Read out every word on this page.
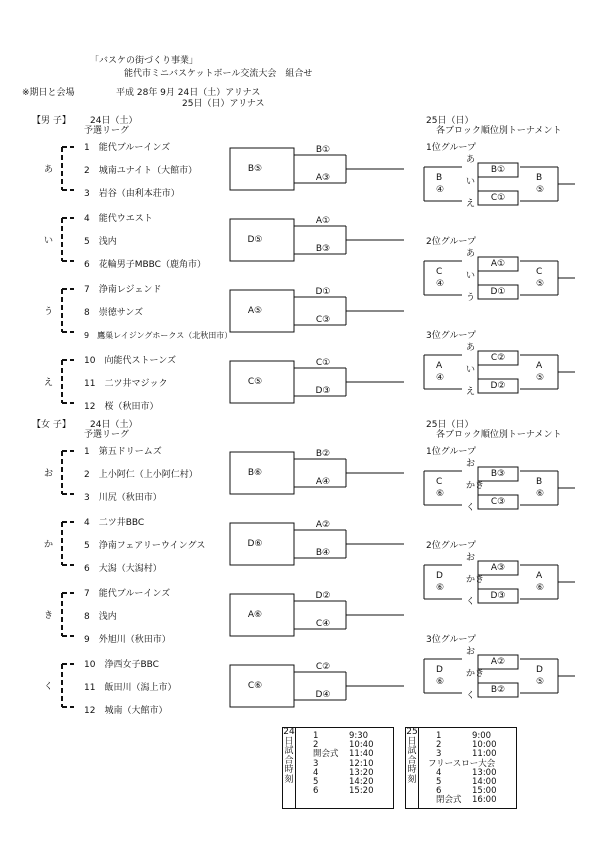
「バスケの街づくり事業」
能代市ミニバスケットボール交流大会　組合せ
※期日と会場	平成 28年 9月 24日（土）アリナス
25日（日）アリナス
【男 子】 24日（土）
予選リーグ
25日（日）
各ブロック順位別トーナメント
【女 子】 24日（土）
予選リーグ
25日（日）
各ブロック順位別トーナメント
あ
1　能代ブルーインズ
2　城南ユナイト（大館市）
3　岩谷（由利本荘市）
B⑤
B①
A③
い
4　能代ウエスト
5　浅内
6　花輪男子MBBC（鹿角市）
D⑤
A①
B③
う
7　浄南レジェンド
8　崇徳サンズ
9　鷹巣レイジングホークス（北秋田市）
A⑤
D①
C③
え
10　向能代ストーンズ
11　二ツ井マジック
12　桜（秋田市）
C⑤
C①
D③
お
1　第五ドリームズ
2　上小阿仁（上小阿仁村）
3　川尻（秋田市）
B⑥
B②
A④
か
4　二ツ井BBC
5　浄南フェアリーウイングス
6　大潟（大潟村）
D⑥
A②
B④
き
7　能代ブルーインズ
8　浅内
9　外旭川（秋田市）
A⑥
D②
C④
く
10　浄西女子BBC
11　飯田川（潟上市）
12　城南（大館市）
C⑥
C②
D④
1位グループ
あ
い
え
B①
C①
B
④
B
⑤
2位グループ
あ
い
う
A①
D①
C
④
C
⑤
3位グループ
あ
い
え
C②
D②
A
④
A
⑤
1位グループ
お
かき
く
B③
C③
C
⑥
B
⑥
2位グループ
お
かき
く
A③
D③
D
⑥
A
⑥
3位グループ
お
かき
く
A②
B②
D
⑥
D
⑤
24
日
試
合
時
刻
1	9:30
2	10:40
開会式 11:40
3	12:10
4	13:20
5	14:20
6	15:20
25
日
試
合
時
刻
1	9:00
2	10:00
3	11:00
フリースロー大会
4	13:00
5	14:00
6	15:00
閉会式 16:00
